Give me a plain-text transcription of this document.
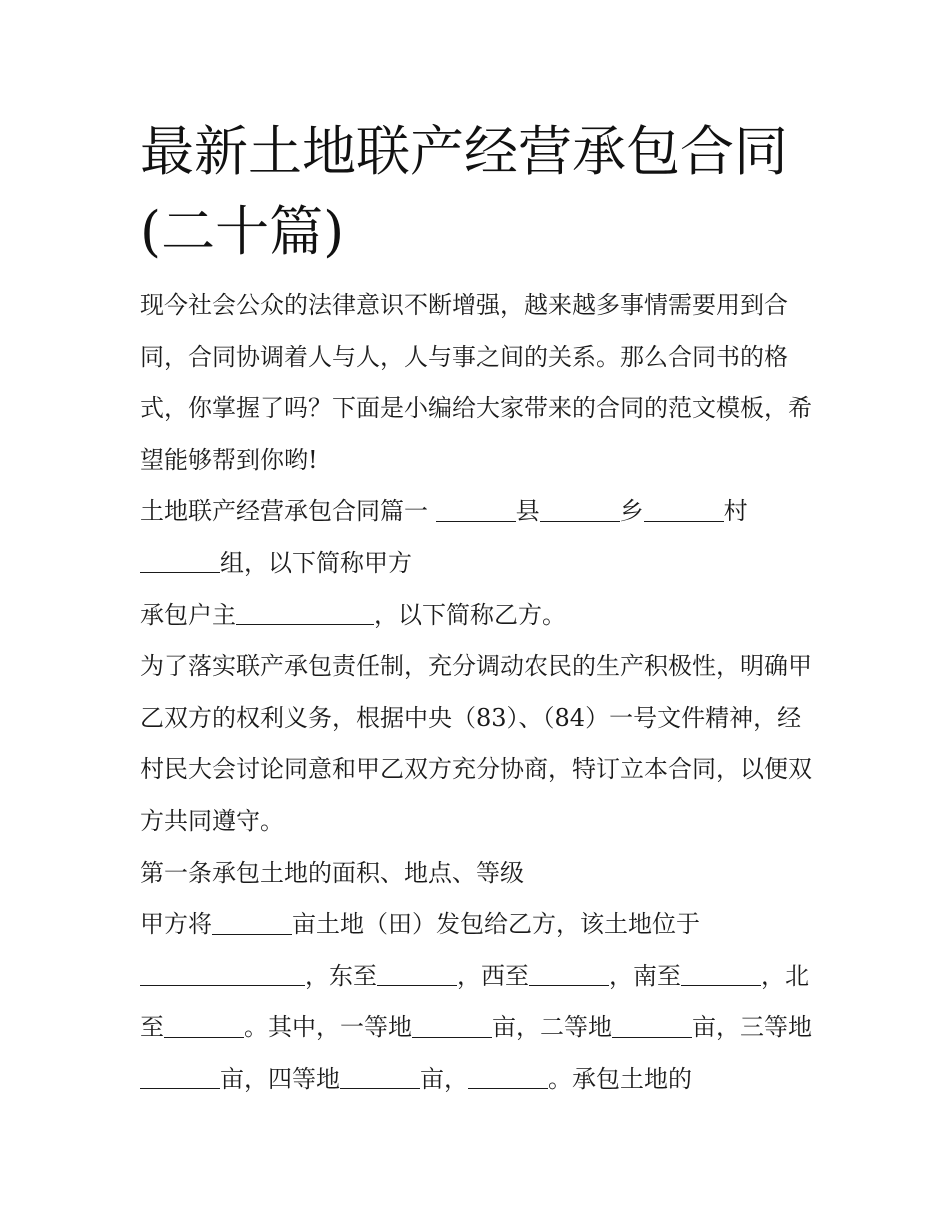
最新土地联产经营承包合同(二十篇)

现今社会公众的法律意识不断增强，越来越多事情需要用到合同，合同协调着人与人，人与事之间的关系。那么合同书的格式，你掌握了吗？下面是小编给大家带来的合同的范文模板，希望能够帮到你哟!

土地联产经营承包合同篇一	县	乡	村组，以下简称甲方

承包户主	，以下简称乙方。

为了落实联产承包责任制，充分调动农民的生产积极性，明确甲乙双方的权利义务，根据中央（83）、（84）一号文件精神，经村民大会讨论同意和甲乙双方充分协商，特订立本合同，以便双方共同遵守。

第一条承包土地的面积、地点、等级

甲方将	亩土地（田）发包给乙方，该土地位于，东至	，西至	，南至	，北至	。其中，一等地	亩，二等地	亩，三等地亩，四等地	亩，	。承包土地的
